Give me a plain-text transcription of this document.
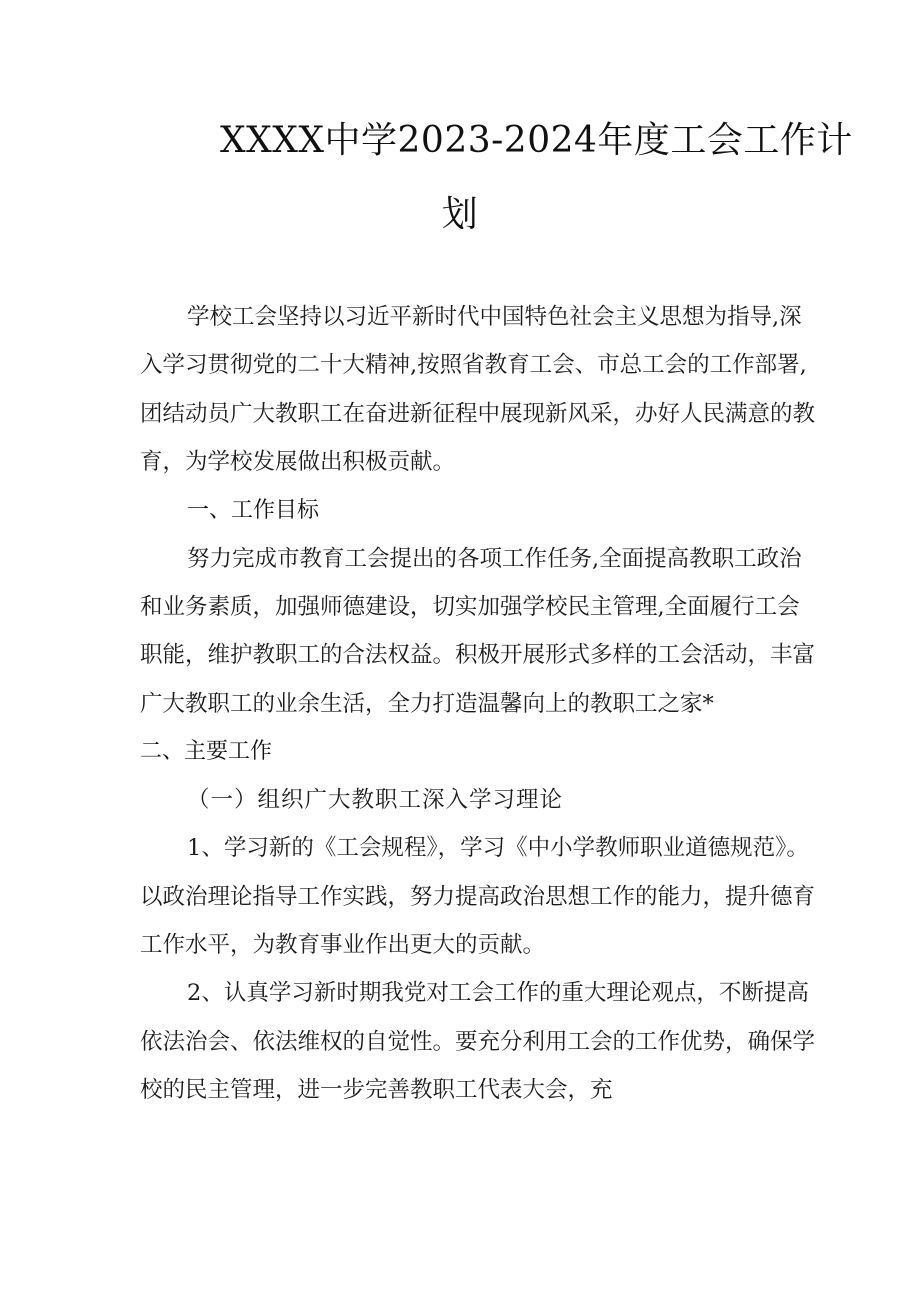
XXXX中学2023-2024年度工会工作计
划
学校工会坚持以习近平新时代中国特色社会主义思想为指导,深
入学习贯彻党的二十大精神,按照省教育工会、市总工会的工作部署,
团结动员广大教职工在奋进新征程中展现新风采，办好人民满意的教
育，为学校发展做出积极贡献。
一、工作目标
努力完成市教育工会提出的各项工作任务,全面提高教职工政治
和业务素质，加强师德建设，切实加强学校民主管理,全面履行工会
职能，维护教职工的合法权益。积极开展形式多样的工会活动，丰富
广大教职工的业余生活，全力打造温馨向上的教职工之家*
二、主要工作
（一）组织广大教职工深入学习理论
1、学习新的《工会规程》，学习《中小学教师职业道德规范》。
以政治理论指导工作实践，努力提高政治思想工作的能力，提升德育
工作水平，为教育事业作出更大的贡献。
2、认真学习新时期我党对工会工作的重大理论观点，不断提高
依法治会、依法维权的自觉性。要充分利用工会的工作优势，确保学
校的民主管理，进一步完善教职工代表大会，充
